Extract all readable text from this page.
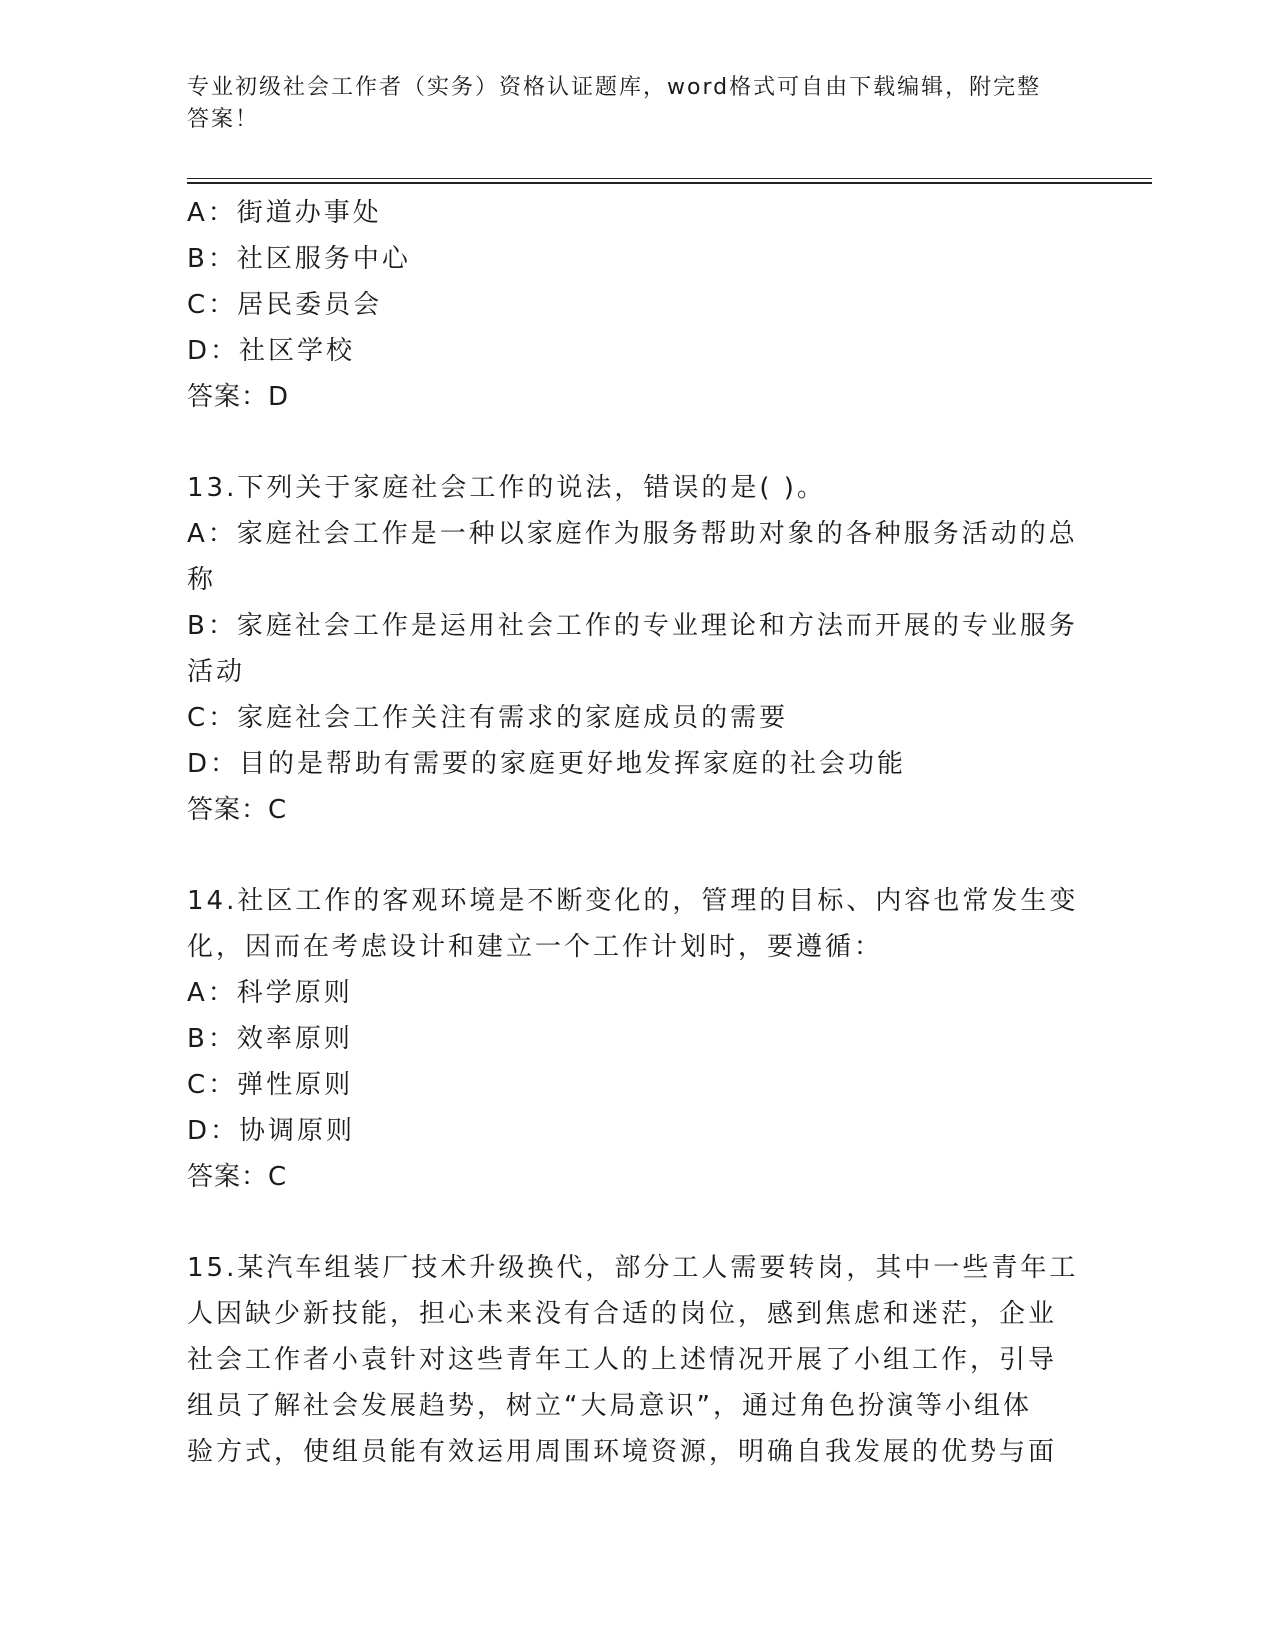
专业初级社会工作者（实务）资格认证题库，word格式可自由下载编辑，附完整
答案！
A：街道办事处
B：社区服务中心
C：居民委员会
D：社区学校
答案：D
13.下列关于家庭社会工作的说法，错误的是( )。
A：家庭社会工作是一种以家庭作为服务帮助对象的各种服务活动的总
称
B：家庭社会工作是运用社会工作的专业理论和方法而开展的专业服务
活动
C：家庭社会工作关注有需求的家庭成员的需要
D：目的是帮助有需要的家庭更好地发挥家庭的社会功能
答案：C
14.社区工作的客观环境是不断变化的，管理的目标、内容也常发生变
化，因而在考虑设计和建立一个工作计划时，要遵循：
A：科学原则
B：效率原则
C：弹性原则
D：协调原则
答案：C
15.某汽车组装厂技术升级换代，部分工人需要转岗，其中一些青年工
人因缺少新技能，担心未来没有合适的岗位，感到焦虑和迷茫，企业
社会工作者小袁针对这些青年工人的上述情况开展了小组工作，引导
组员了解社会发展趋势，树立“大局意识”，通过角色扮演等小组体
验方式，使组员能有效运用周围环境资源，明确自我发展的优势与面
